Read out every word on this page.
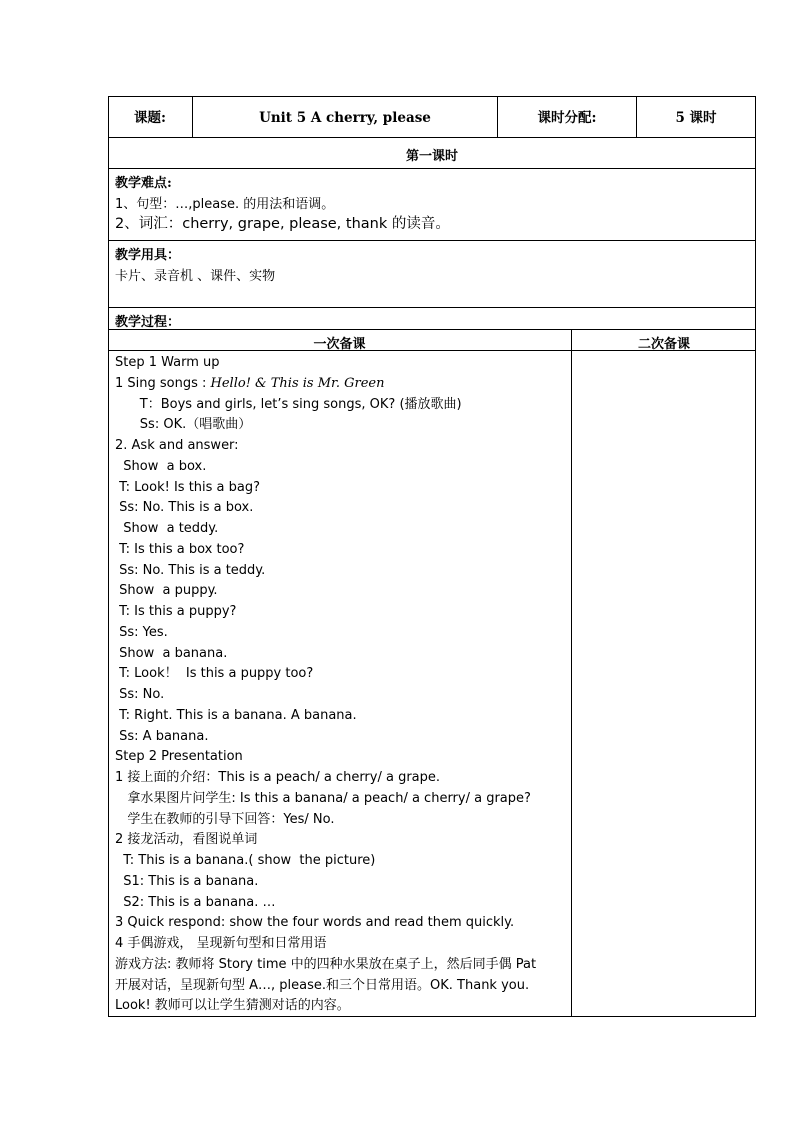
课题:	Unit 5 A cherry, please	课时分配:	5 课时
第一课时
教学难点:
1、句型：…,please. 的用法和语调。
2、词汇：cherry, grape, please, thank 的读音。
教学用具：
卡片、录音机 、课件、实物
教学过程：
一次备课	二次备课
Step 1 Warm up
1 Sing songs : Hello! & This is Mr. Green
T：Boys and girls, let’s sing songs, OK? (播放歌曲)
Ss: OK.（唱歌曲）
2. Ask and answer:
Show  a box.
T: Look! Is this a bag?
Ss: No. This is a box.
Show  a teddy.
T: Is this a box too?
Ss: No. This is a teddy.
Show  a puppy.
T: Is this a puppy?
Ss: Yes.
Show  a banana.
T: Look！  Is this a puppy too?
Ss: No.
T: Right. This is a banana. A banana.
Ss: A banana.
Step 2 Presentation
1 接上面的介绍：This is a peach/ a cherry/ a grape.
拿水果图片问学生: Is this a banana/ a peach/ a cherry/ a grape?
学生在教师的引导下回答：Yes/ No.
2 接龙活动，看图说单词
T: This is a banana.( show  the picture)
S1: This is a banana.
S2: This is a banana. …
3 Quick respond: show the four words and read them quickly.
4 手偶游戏， 呈现新句型和日常用语
游戏方法: 教师将 Story time 中的四种水果放在桌子上，然后同手偶 Pat
开展对话，呈现新句型 A…, please.和三个日常用语。OK. Thank you.
Look! 教师可以让学生猜测对话的内容。
